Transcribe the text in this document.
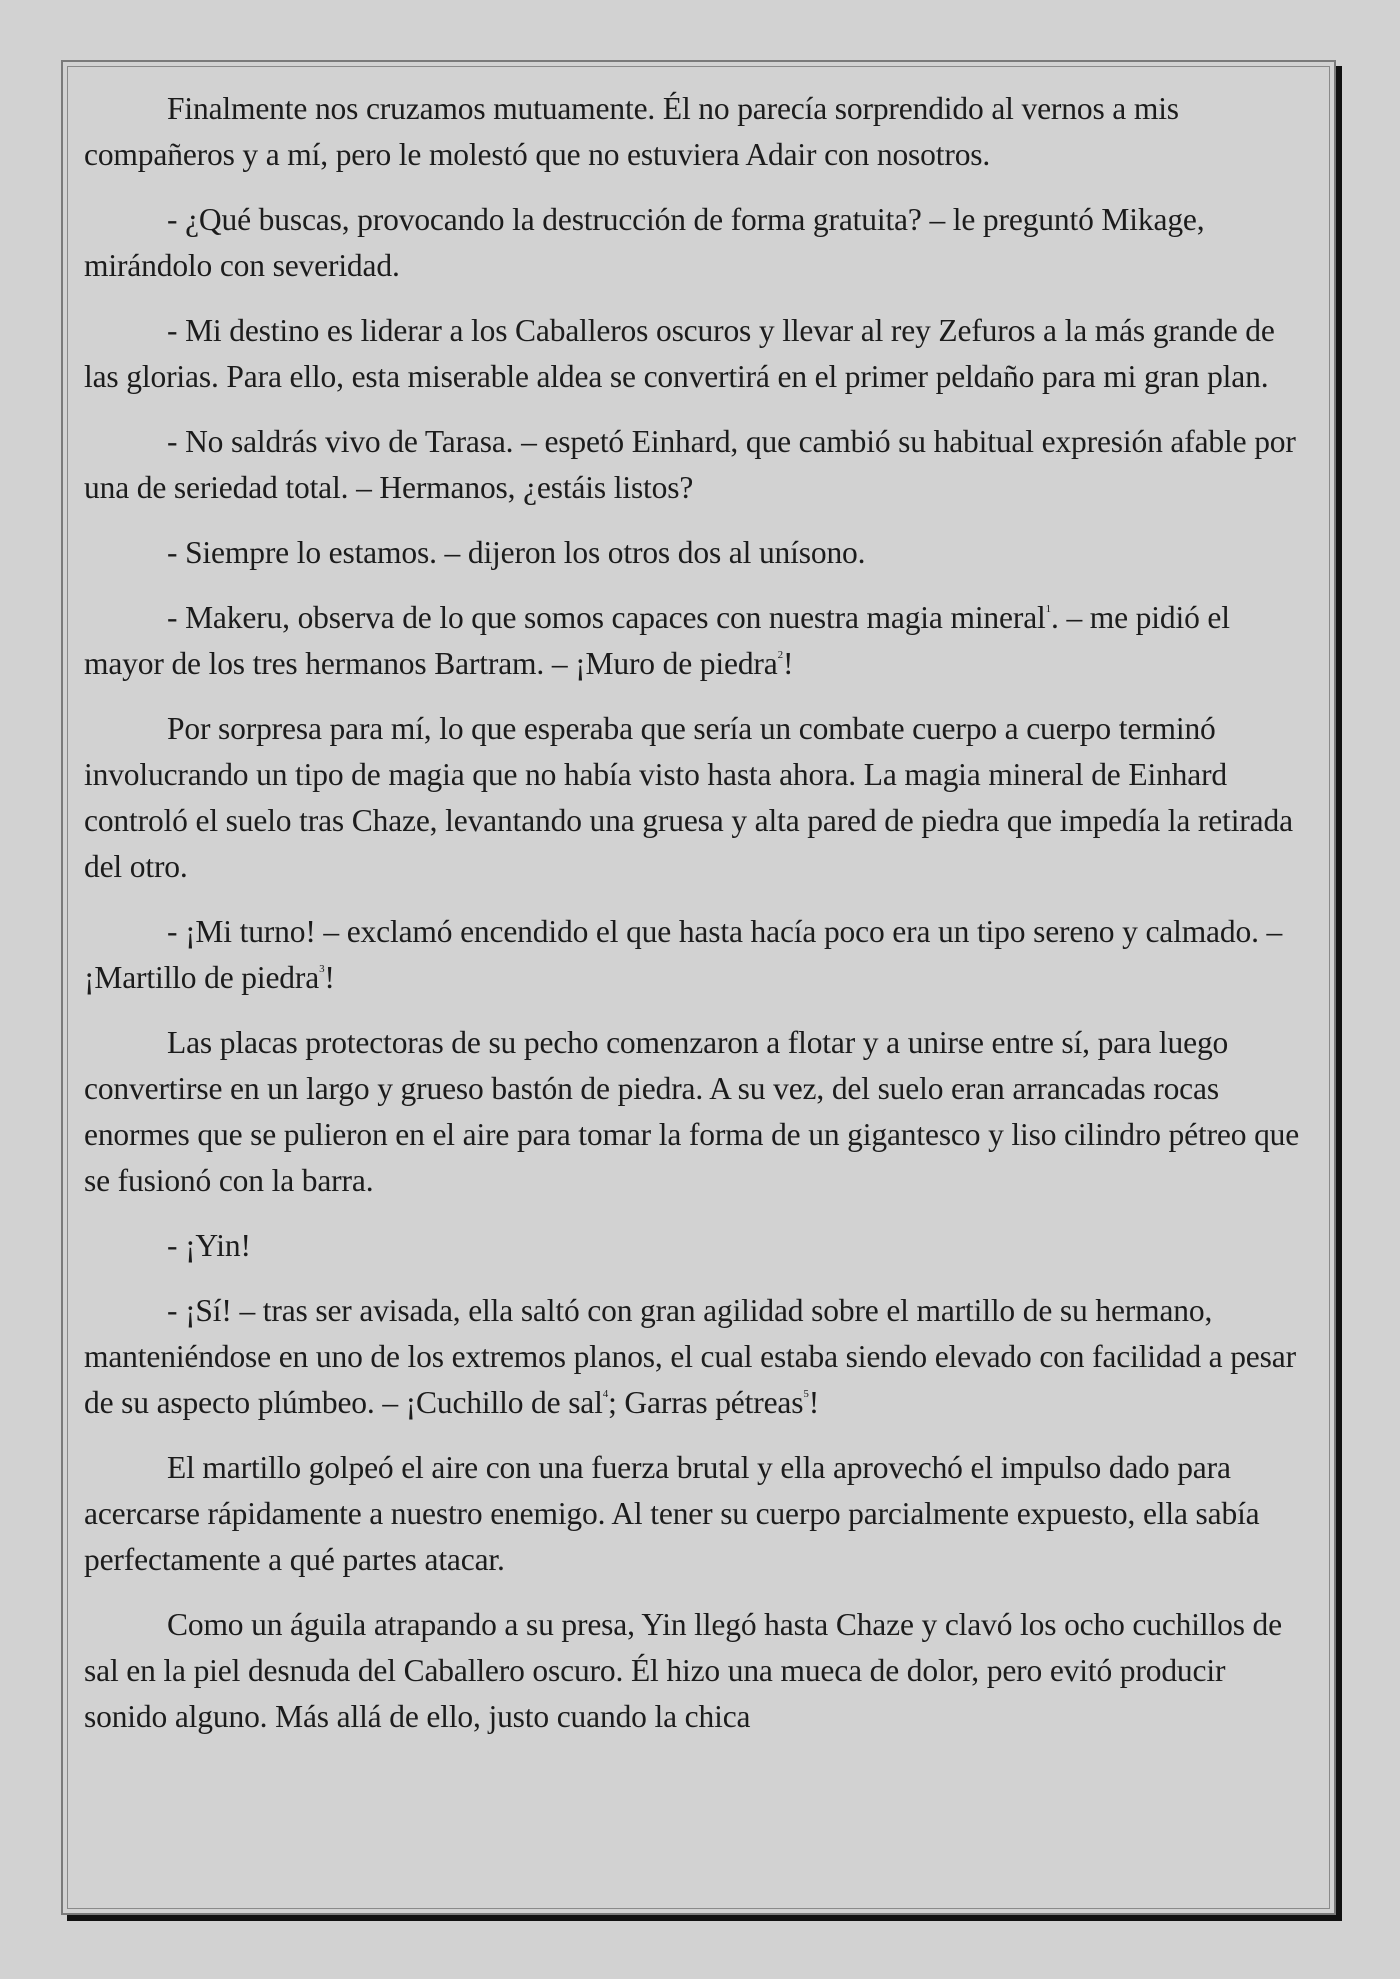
Finalmente nos cruzamos mutuamente. Él no parecía sorprendido al vernos a mis compañeros y a mí, pero le molestó que no estuviera Adair con nosotros.

- ¿Qué buscas, provocando la destrucción de forma gratuita? – le preguntó Mikage, mirándolo con severidad.

- Mi destino es liderar a los Caballeros oscuros y llevar al rey Zefuros a la más grande de las glorias. Para ello, esta miserable aldea se convertirá en el primer peldaño para mi gran plan.

- No saldrás vivo de Tarasa. – espetó Einhard, que cambió su habitual expresión afable por una de seriedad total. – Hermanos, ¿estáis listos?

- Siempre lo estamos. – dijeron los otros dos al unísono.

- Makeru, observa de lo que somos capaces con nuestra magia mineral$^1$. – me pidió el mayor de los tres hermanos Bartram. – ¡Muro de piedra$^2$!

Por sorpresa para mí, lo que esperaba que sería un combate cuerpo a cuerpo terminó involucrando un tipo de magia que no había visto hasta ahora. La magia mineral de Einhard controló el suelo tras Chaze, levantando una gruesa y alta pared de piedra que impedía la retirada del otro.

- ¡Mi turno! – exclamó encendido el que hasta hacía poco era un tipo sereno y calmado. – ¡Martillo de piedra$^3$!

Las placas protectoras de su pecho comenzaron a flotar y a unirse entre sí, para luego convertirse en un largo y grueso bastón de piedra. A su vez, del suelo eran arrancadas rocas enormes que se pulieron en el aire para tomar la forma de un gigantesco y liso cilindro pétreo que se fusionó con la barra.

- ¡Yin!

- ¡Sí! – tras ser avisada, ella saltó con gran agilidad sobre el martillo de su hermano, manteniéndose en uno de los extremos planos, el cual estaba siendo elevado con facilidad a pesar de su aspecto plúmbeo. – ¡Cuchillo de sal$^4$; Garras pétreas$^5$!

El martillo golpeó el aire con una fuerza brutal y ella aprovechó el impulso dado para acercarse rápidamente a nuestro enemigo. Al tener su cuerpo parcialmente expuesto, ella sabía perfectamente a qué partes atacar.

Como un águila atrapando a su presa, Yin llegó hasta Chaze y clavó los ocho cuchillos de sal en la piel desnuda del Caballero oscuro. Él hizo una mueca de dolor, pero evitó producir sonido alguno. Más allá de ello, justo cuando la chica
